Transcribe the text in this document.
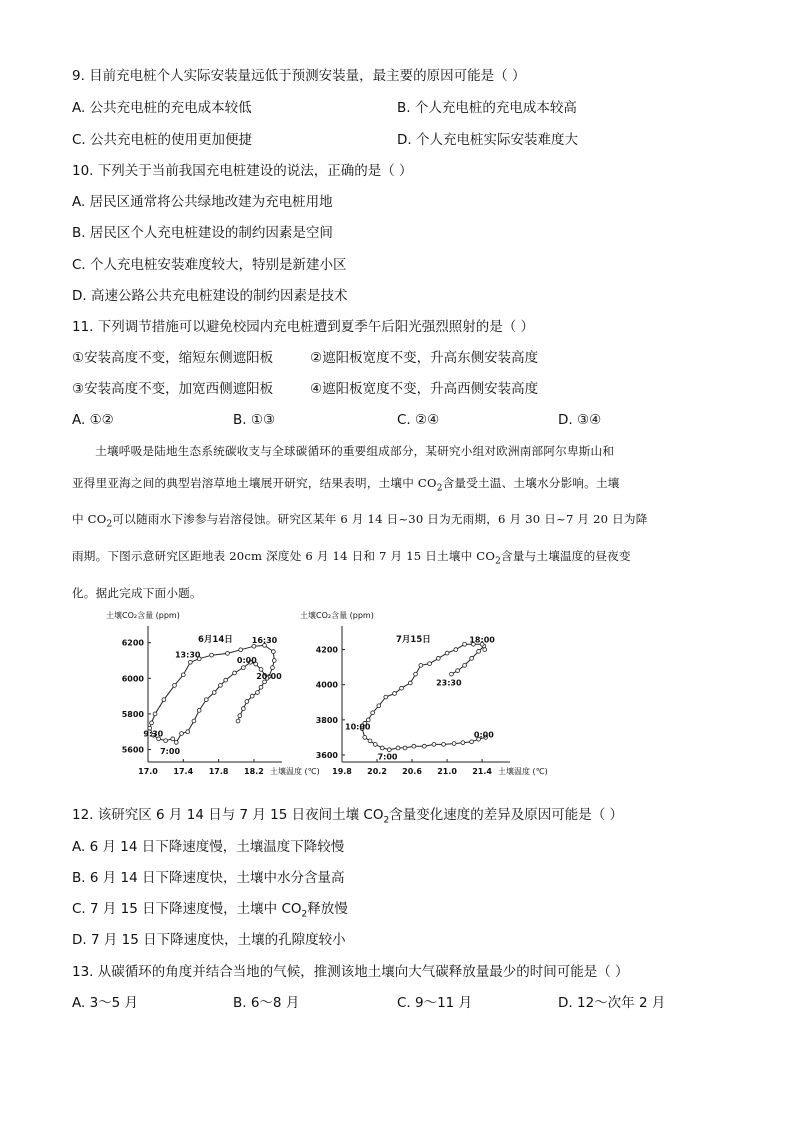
9. 目前充电桩个人实际安装量远低于预测安装量，最主要的原因可能是（ ）
A. 公共充电桩的充电成本较低	B. 个人充电桩的充电成本较高
C. 公共充电桩的使用更加便捷	D. 个人充电桩实际安装难度大
10. 下列关于当前我国充电桩建设的说法，正确的是（ ）
A. 居民区通常将公共绿地改建为充电桩用地
B. 居民区个人充电桩建设的制约因素是空间
C. 个人充电桩安装难度较大，特别是新建小区
D. 高速公路公共充电桩建设的制约因素是技术
11. 下列调节措施可以避免校园内充电桩遭到夏季午后阳光强烈照射的是（ ）
①安装高度不变，缩短东侧遮阳板	②遮阳板宽度不变，升高东侧安装高度
③安装高度不变，加宽西侧遮阳板	④遮阳板宽度不变，升高西侧安装高度
A. ①②	B. ①③	C. ②④	D. ③④

土壤呼吸是陆地生态系统碳收支与全球碳循环的重要组成部分，某研究小组对欧洲南部阿尔卑斯山和

亚得里亚海之间的典型岩溶草地土壤展开研究，结果表明，土壤中 $CO_2$含量受土温、土壤水分影响。土壤
中 $CO_2$可以随雨水下渗参与岩溶侵蚀。研究区某年 6 月 14 日~30 日为无雨期，6 月 30 日~7 月 20 日为降
雨期。下图示意研究区距地表 20cm 深度处 6 月 14 日和 7 月 15 日土壤中 $CO_2$含量与土壤温度的昼夜变
化。据此完成下面小题。
土壤CO₂含量 (ppm)
土壤温度 (℃)
6月14日
17.0 17.4 17.8 18.2
5600
5800
6000
6200	16:30
13:30
0:00
20:00
9:30
7:00
土壤CO₂含量 (ppm)
土壤温度 (℃)
7月15日
19.8 20.2 20.6 21.0 21.4
3600
3800
4000
4200
18:00
23:30
10:00
0:00
7:00
12. 该研究区 6 月 14 日与 7 月 15 日夜间土壤 $CO_2$含量变化速度的差异及原因可能是（ ）
A. 6 月 14 日下降速度慢，土壤温度下降较慢
B. 6 月 14 日下降速度快，土壤中水分含量高
C. 7 月 15 日下降速度慢，土壤中 $CO_2$释放慢
D. 7 月 15 日下降速度快，土壤的孔隙度较小
13. 从碳循环的角度并结合当地的气候，推测该地土壤向大气碳释放量最少的时间可能是（ ）
A. 3～5 月	B. 6～8 月	C. 9～11 月	D. 12～次年 2 月
